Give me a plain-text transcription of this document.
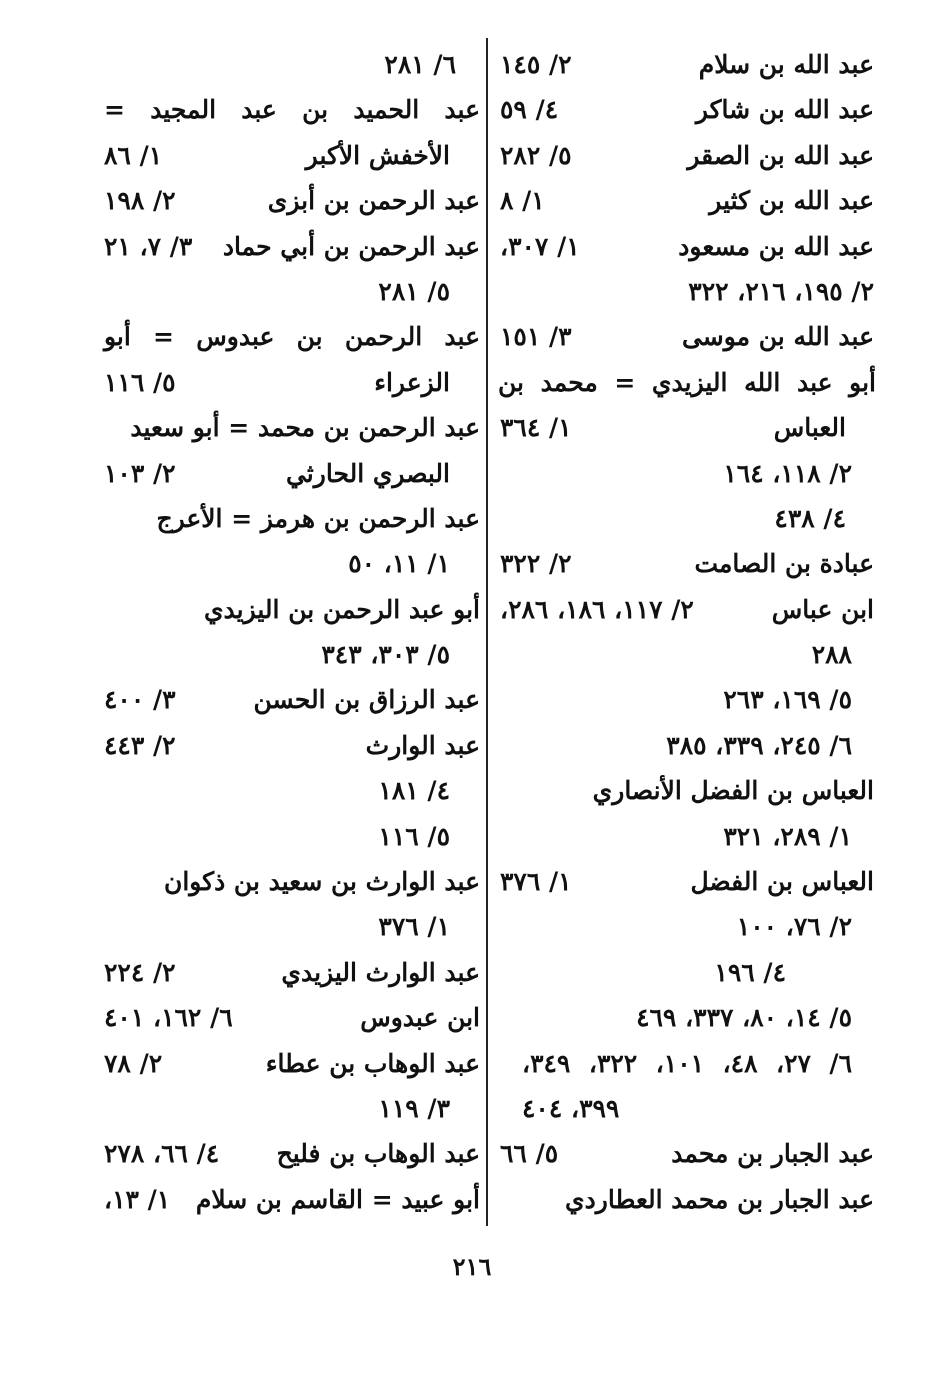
عبد الله بن سلام
٢/ ١٤٥
عبد الله بن شاكر
٤/ ٥٩
عبد الله بن الصقر
٥/ ٢٨٢
عبد الله بن كثير
١/ ٨
عبد الله بن مسعود
١/ ٣٠٧،
٢/ ١٩٥، ٢١٦، ٣٢٢
عبد الله بن موسى
٣/ ١٥١
أبو عبد الله اليزيدي = محمد بن
العباس
١/ ٣٦٤
٢/ ١١٨، ١٦٤
٤/ ٤٣٨
عبادة بن الصامت
٢/ ٣٢٢
ابن عباس
٢/ ١١٧، ١٨٦، ٢٨٦،
٢٨٨
٥/ ١٦٩، ٢٦٣
٦/ ٢٤٥، ٣٣٩، ٣٨٥
العباس بن الفضل الأنصاري
١/ ٢٨٩، ٣٢١
العباس بن الفضل
١/ ٣٧٦
٢/ ٧٦، ١٠٠
٤/ ١٩٦
٥/ ١٤، ٨٠، ٣٣٧، ٤٦٩
٦/ ٢٧، ٤٨، ١٠١، ٣٢٢، ٣٤٩، ٣٩٩، ٤٠٤
عبد الجبار بن محمد
٥/ ٦٦
عبد الجبار بن محمد العطاردي
٦/ ٢٨١
عبد الحميد بن عبد المجيد =
الأخفش الأكبر
١/ ٨٦
عبد الرحمن بن أبزى
٢/ ١٩٨
عبد الرحمن بن أبي حماد
٣/ ٧، ٢١
٥/ ٢٨١
عبد الرحمن بن عبدوس = أبو
الزعراء
٥/ ١١٦
عبد الرحمن بن محمد = أبو سعيد
البصري الحارثي
٢/ ١٠٣
عبد الرحمن بن هرمز = الأعرج
١/ ١١، ٥٠
أبو عبد الرحمن بن اليزيدي
٥/ ٣٠٣، ٣٤٣
عبد الرزاق بن الحسن
٣/ ٤٠٠
عبد الوارث
٢/ ٤٤٣
٤/ ١٨١
٥/ ١١٦
عبد الوارث بن سعيد بن ذكوان
١/ ٣٧٦
عبد الوارث اليزيدي
٢/ ٢٢٤
ابن عبدوس
٦/ ١٦٢، ٤٠١
عبد الوهاب بن عطاء
٢/ ٧٨
٣/ ١١٩
عبد الوهاب بن فليح
٤/ ٦٦، ٢٧٨
أبو عبيد = القاسم بن سلام
١/ ١٣،
٢١٦
